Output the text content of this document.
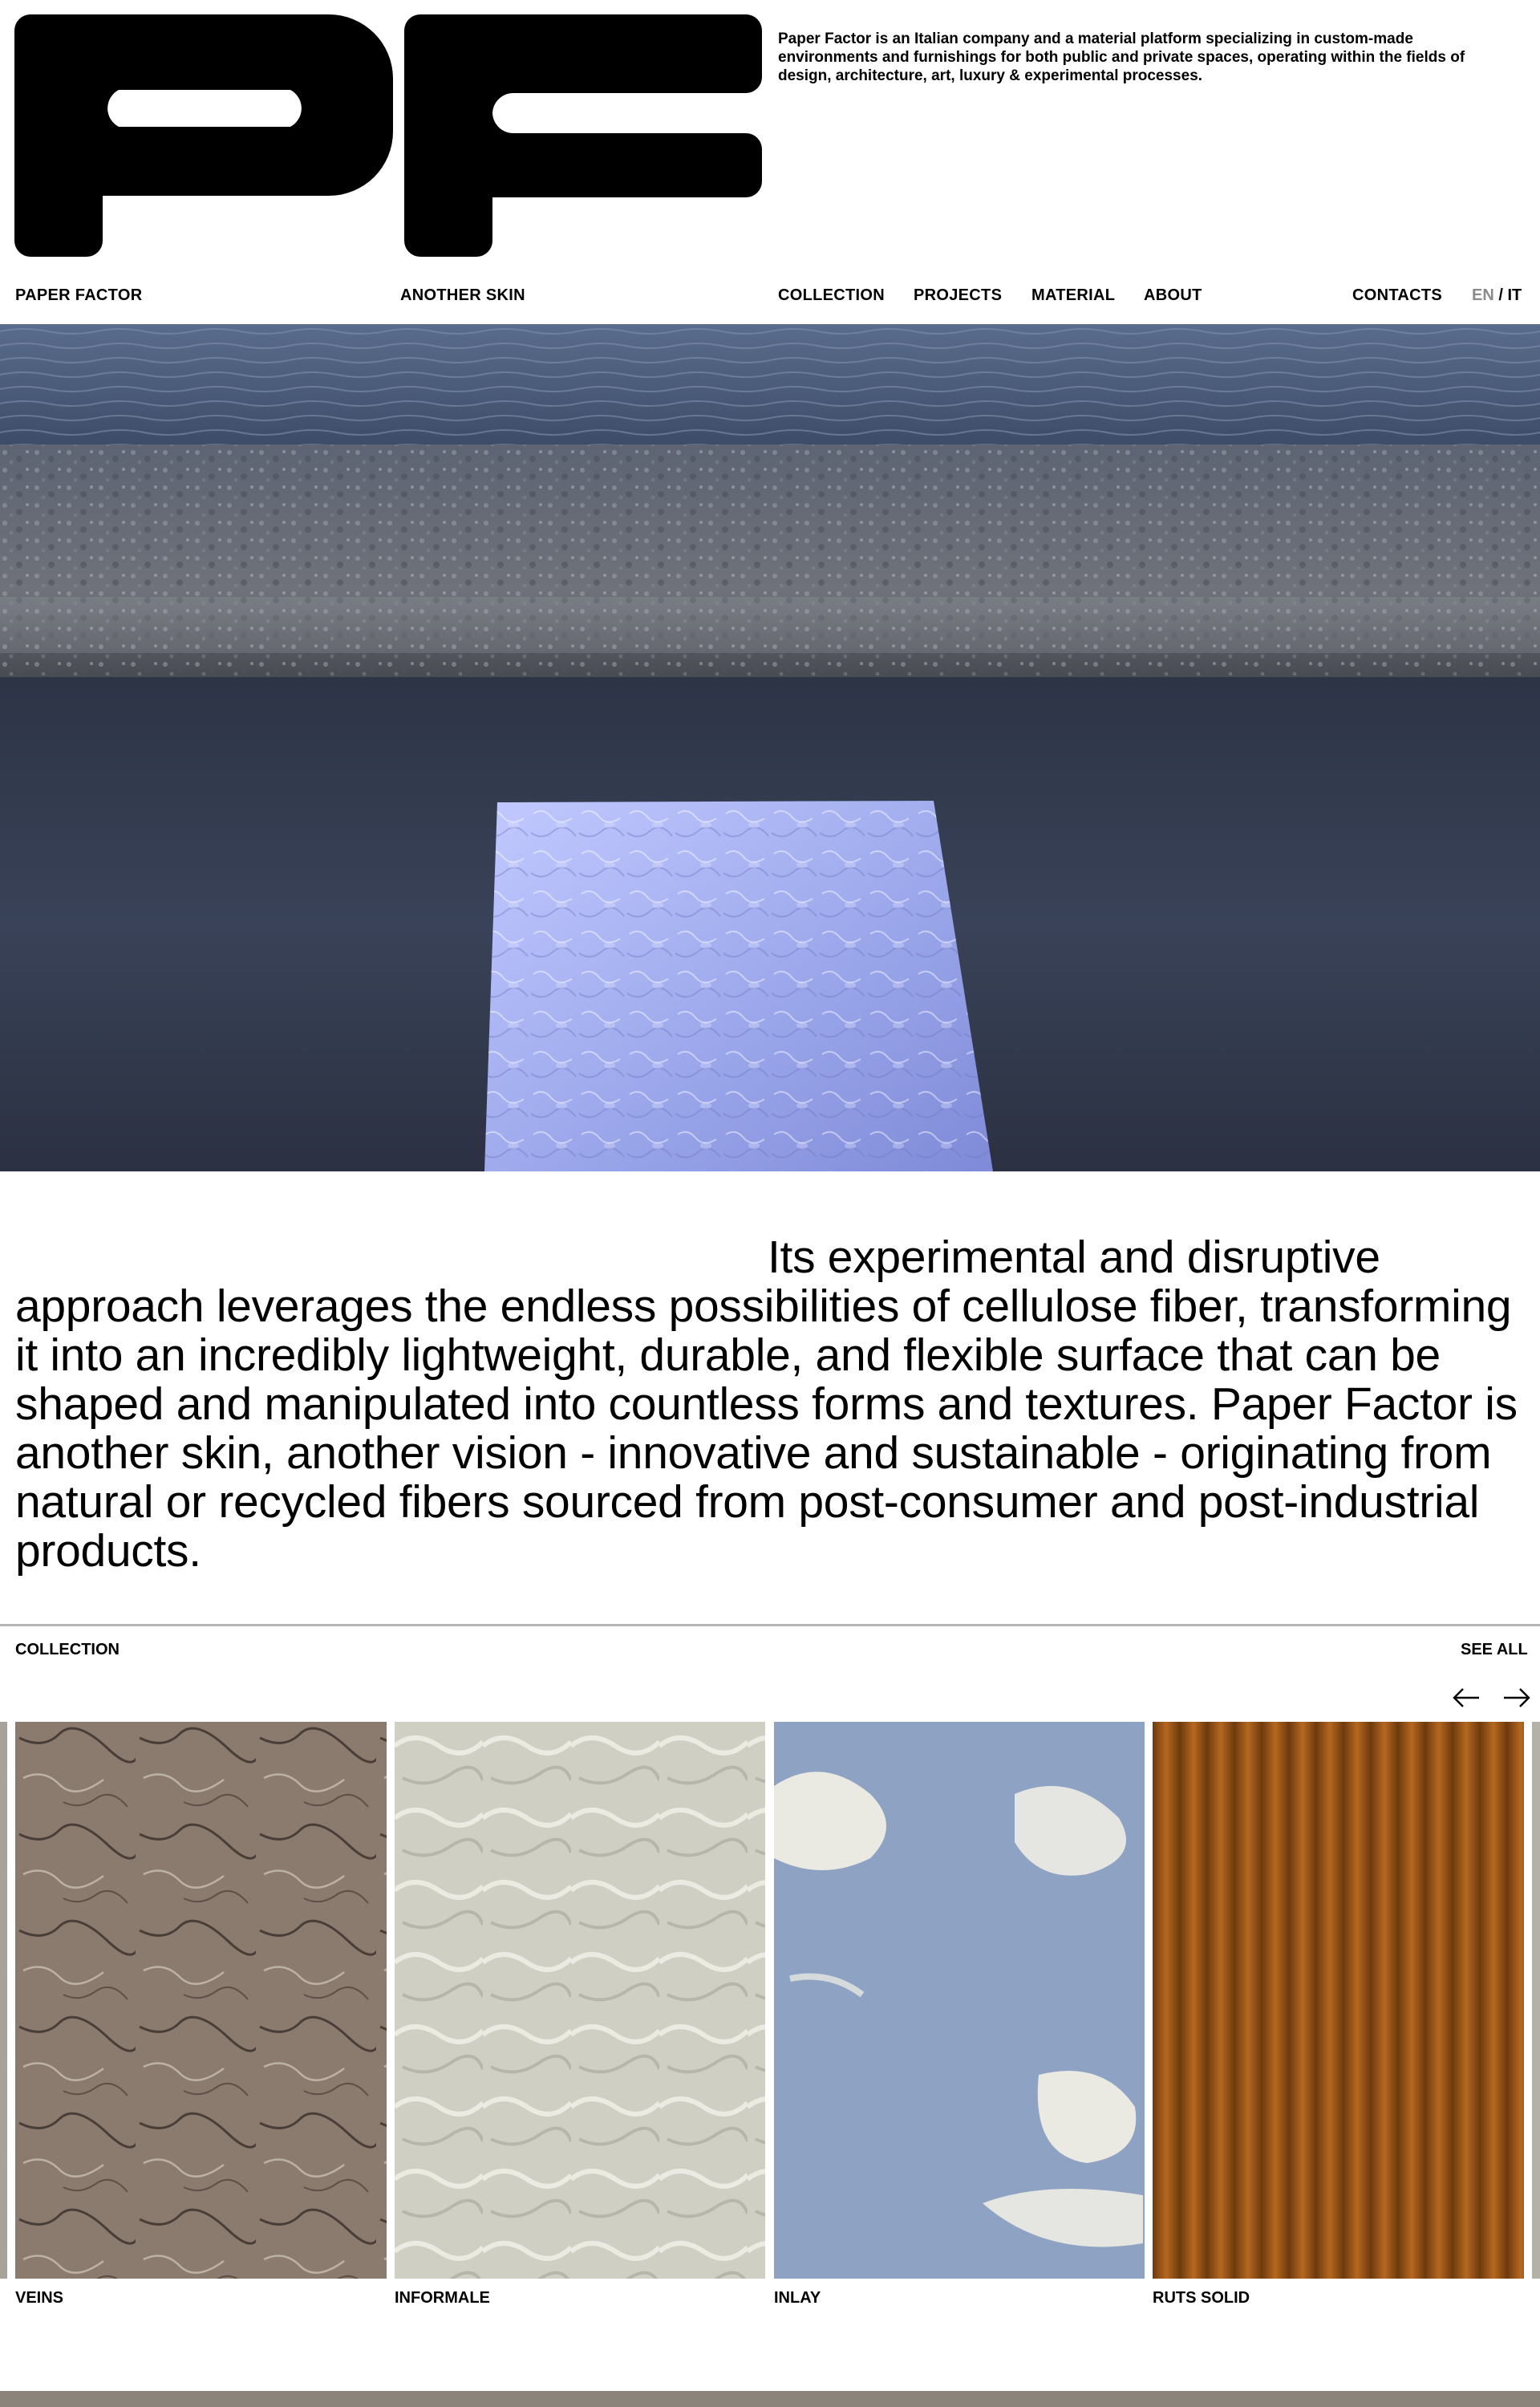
Paper Factor is an Italian company and a material platform specializing in custom-made environments and furnishings for both public and private spaces, operating within the fields of design, architecture, art, luxury & experimental processes.

PAPER FACTOR	ANOTHER SKIN	COLLECTION PROJECTS MATERIAL ABOUT	CONTACTS EN / IT

Its experimental and disruptive approach leverages the endless possibilities of cellulose fiber, transforming it into an incredibly lightweight, durable, and flexible surface that can be shaped and manipulated into countless forms and textures. Paper Factor is another skin, another vision - innovative and sustainable - originating from natural or recycled fibers sourced from post-consumer and post-industrial products.

COLLECTION	SEE ALL
VEINS	INFORMALE	INLAY	RUTS SOLID
